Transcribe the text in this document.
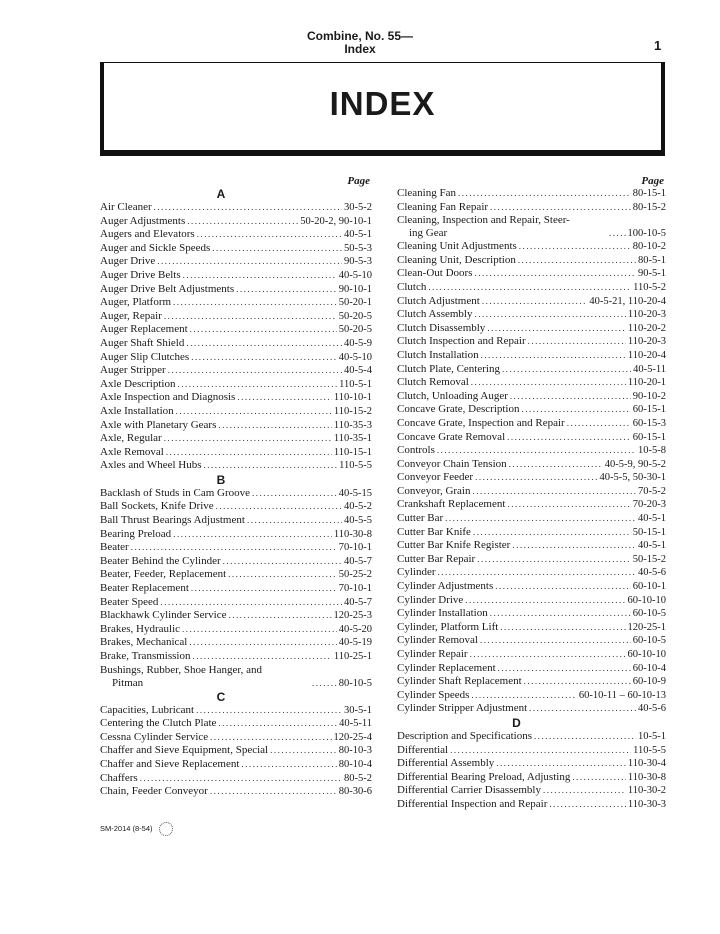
Combine, No. 55—
Index	1
INDEX
Page
A
Air Cleaner .....	30-5-2
Auger Adjustments .....	50-20-2, 90-10-1
Augers and Elevators .....	40-5-1
Auger and Sickle Speeds .....	50-5-3
Auger Drive .....	90-5-3
Auger Drive Belts .....	40-5-10
Auger Drive Belt Adjustments .....	90-10-1
Auger, Platform .....	50-20-1
Auger, Repair .....	50-20-5
Auger Replacement .....	50-20-5
Auger Shaft Shield .....	40-5-9
Auger Slip Clutches .....	40-5-10
Auger Stripper .....	40-5-4
Axle Description .....	110-5-1
Axle Inspection and Diagnosis .....	110-10-1
Axle Installation .....	110-15-2
Axle with Planetary Gears .....	110-35-3
Axle, Regular .....	110-35-1
Axle Removal .....	110-15-1
Axles and Wheel Hubs .....	110-5-5
B
Backlash of Studs in Cam Groove .....	40-5-15
Ball Sockets, Knife Drive .....	40-5-2
Ball Thrust Bearings Adjustment .....	40-5-5
Bearing Preload .....	110-30-8
Beater .....	70-10-1
Beater Behind the Cylinder .....	40-5-7
Beater, Feeder, Replacement .....	50-25-2
Beater Replacement .....	70-10-1
Beater Speed .....	40-5-7
Blackhawk Cylinder Service .....	120-25-3
Brakes, Hydraulic .....	40-5-20
Brakes, Mechanical .....	40-5-19
Brake, Transmission .....	110-25-1
Bushings, Rubber, Shoe Hanger, and
Pitman .....	80-10-5
C
Capacities, Lubricant .....	30-5-1
Centering the Clutch Plate .....	40-5-11
Cessna Cylinder Service .....	120-25-4
Chaffer and Sieve Equipment, Special .....	80-10-3
Chaffer and Sieve Replacement .....	80-10-4
Chaffers .....	80-5-2
Chain, Feeder Conveyor .....	80-30-6
Page
Cleaning Fan .....	80-15-1
Cleaning Fan Repair .....	80-15-2
Cleaning, Inspection and Repair, Steer-
ing Gear .....	100-10-5
Cleaning Unit Adjustments .....	80-10-2
Cleaning Unit, Description .....	80-5-1
Clean-Out Doors .....	90-5-1
Clutch .....	110-5-2
Clutch Adjustment .....	40-5-21, 110-20-4
Clutch Assembly .....	110-20-3
Clutch Disassembly .....	110-20-2
Clutch Inspection and Repair .....	110-20-3
Clutch Installation .....	110-20-4
Clutch Plate, Centering .....	40-5-11
Clutch Removal .....	110-20-1
Clutch, Unloading Auger .....	90-10-2
Concave Grate, Description .....	60-15-1
Concave Grate, Inspection and Repair .....	60-15-3
Concave Grate Removal .....	60-15-1
Controls .....	10-5-8
Conveyor Chain Tension .....	40-5-9, 90-5-2
Conveyor Feeder .....	40-5-5, 50-30-1
Conveyor, Grain .....	70-5-2
Crankshaft Replacement .....	70-20-3
Cutter Bar .....	40-5-1
Cutter Bar Knife .....	50-15-1
Cutter Bar Knife Register .....	40-5-1
Cutter Bar Repair .....	50-15-2
Cylinder .....	40-5-6
Cylinder Adjustments .....	60-10-1
Cylinder Drive .....	60-10-10
Cylinder Installation .....	60-10-5
Cylinder, Platform Lift .....	120-25-1
Cylinder Removal .....	60-10-5
Cylinder Repair .....	60-10-10
Cylinder Replacement .....	60-10-4
Cylinder Shaft Replacement .....	60-10-9
Cylinder Speeds .....	60-10-11 – 60-10-13
Cylinder Stripper Adjustment .....	40-5-6
D
Description and Specifications .....	10-5-1
Differential .....	110-5-5
Differential Assembly .....	110-30-4
Differential Bearing Preload, Adjusting .....	110-30-8
Differential Carrier Disassembly .....	110-30-2
Differential Inspection and Repair .....	110-30-3
SM-2014 (8-54)
